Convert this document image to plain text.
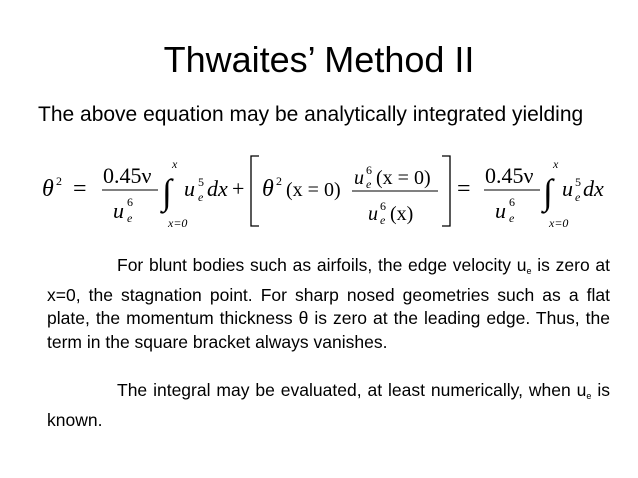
Thwaites’ Method II
The above equation may be analytically integrated yielding
θ 2 =
0.45ν
u 6
e
∫
x
x=0
u 5
e dx + θ 2 (x = 0)
u 6
e (x = 0)
u 6
e (x)
=
0.45ν
u 6
e
∫
x
x=0
u 5
e dx
For blunt bodies such as airfoils, the edge velocity $u_e$ is zero at x=0, the stagnation point. For sharp nosed geometries such as a flat plate, the momentum thickness θ is zero at the leading edge. Thus, the term in the square bracket always vanishes.
The integral may be evaluated, at least numerically, when $u_e$ is known.
